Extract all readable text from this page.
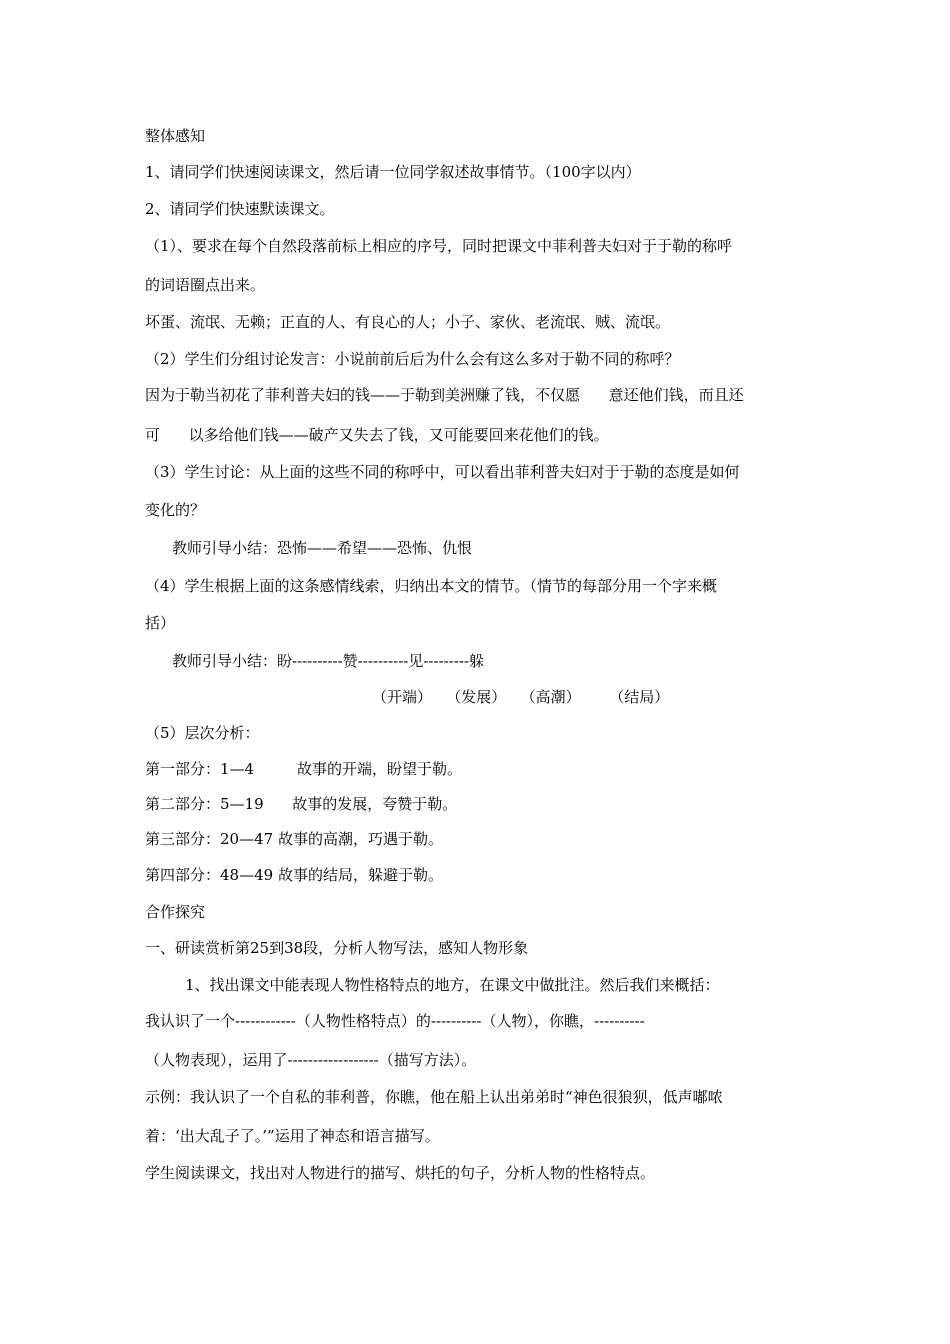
整体感知
1、请同学们快速阅读课文，然后请一位同学叙述故事情节。（100字以内）
2、请同学们快速默读课文。
（1）、要求在每个自然段落前标上相应的序号，同时把课文中菲利普夫妇对于于勒的称呼
的词语圈点出来。
坏蛋、流氓、无赖；正直的人、有良心的人；小子、家伙、老流氓、贼、流氓。
（2）学生们分组讨论发言：小说前前后后为什么会有这么多对于勒不同的称呼？
因为于勒当初花了菲利普夫妇的钱——于勒到美洲赚了钱，不仅愿      意还他们钱，而且还
可      以多给他们钱——破产又失去了钱，又可能要回来花他们的钱。
（3）学生讨论：从上面的这些不同的称呼中，可以看出菲利普夫妇对于于勒的态度是如何
变化的？
教师引导小结：恐怖——希望——恐怖、仇恨
（4）学生根据上面的这条感情线索，归纳出本文的情节。（情节的每部分用一个字来概
括）
教师引导小结：盼----------赞----------见---------躲
（开端）   （发展）   （高潮）      （结局）
（5）层次分析：
第一部分：1—4         故事的开端，盼望于勒。
第二部分：5—19      故事的发展，夸赞于勒。
第三部分：20—47 故事的高潮，巧遇于勒。
第四部分：48—49 故事的结局，躲避于勒。
合作探究
一、研读赏析第25到38段，分析人物写法，感知人物形象
1、找出课文中能表现人物性格特点的地方，在课文中做批注。然后我们来概括：
我认识了一个------------（人物性格特点）的----------（人物），你瞧，----------
（人物表现），运用了------------------（描写方法）。
示例：我认识了一个自私的菲利普，你瞧，他在船上认出弟弟时“神色很狼狈，低声嘟哝
着：‘出大乱子了。’”运用了神态和语言描写。
学生阅读课文，找出对人物进行的描写、烘托的句子，分析人物的性格特点。
